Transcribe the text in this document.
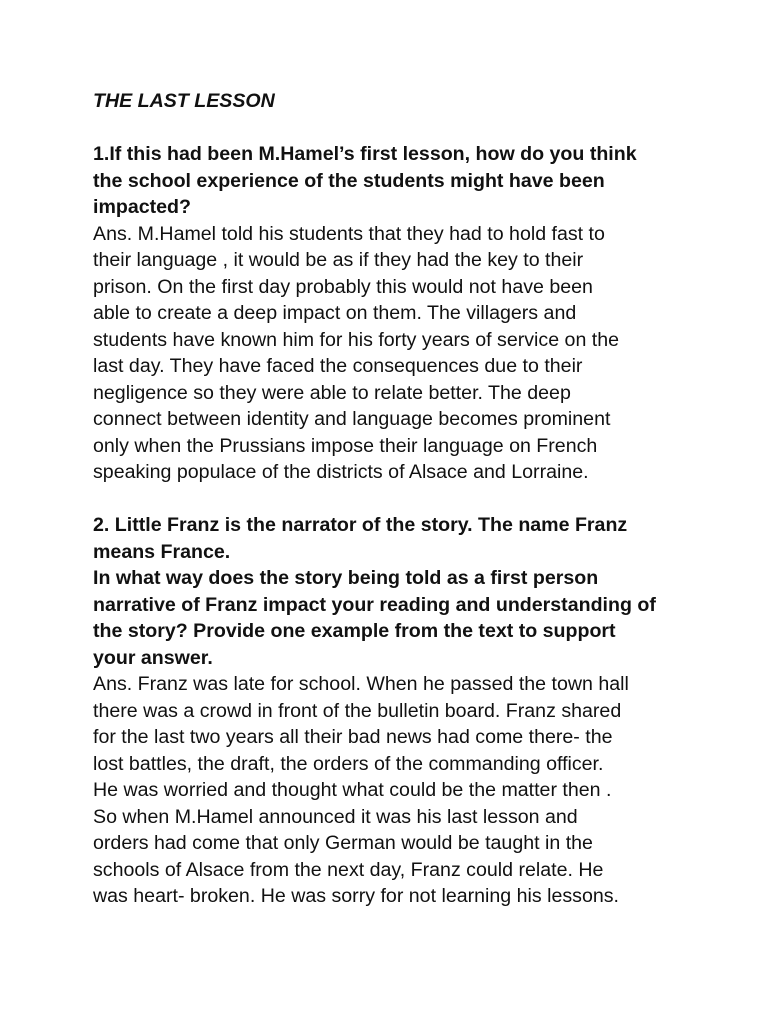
THE LAST LESSON
1.If this had been M.Hamel’s first lesson, how do you think
the school experience of the students might have been
impacted?
Ans. M.Hamel told his students that they had to hold fast to
their language , it would be as if they had the key to their
prison. On the first day probably this would not have been
able to create a deep impact on them. The villagers and
students have known him for his forty years of service on the
last day. They have faced the consequences due to their
negligence so they were able to relate better. The deep
connect between identity and language becomes prominent
only when the Prussians impose their language on French
speaking populace of the districts of Alsace and Lorraine.
2. Little Franz is the narrator of the story. The name Franz
means France.
In what way does the story being told as a first person
narrative of Franz impact your reading and understanding of
the story? Provide one example from the text to support
your answer.
Ans. Franz was late for school. When he passed the town hall
there was a crowd in front of the bulletin board. Franz shared
for the last two years all their bad news had come there- the
lost battles, the draft, the orders of the commanding officer.
He was worried and thought what could be the matter then .
So when M.Hamel announced it was his last lesson and
orders had come that only German would be taught in the
schools of Alsace from the next day, Franz could relate. He
was heart- broken. He was sorry for not learning his lessons.
